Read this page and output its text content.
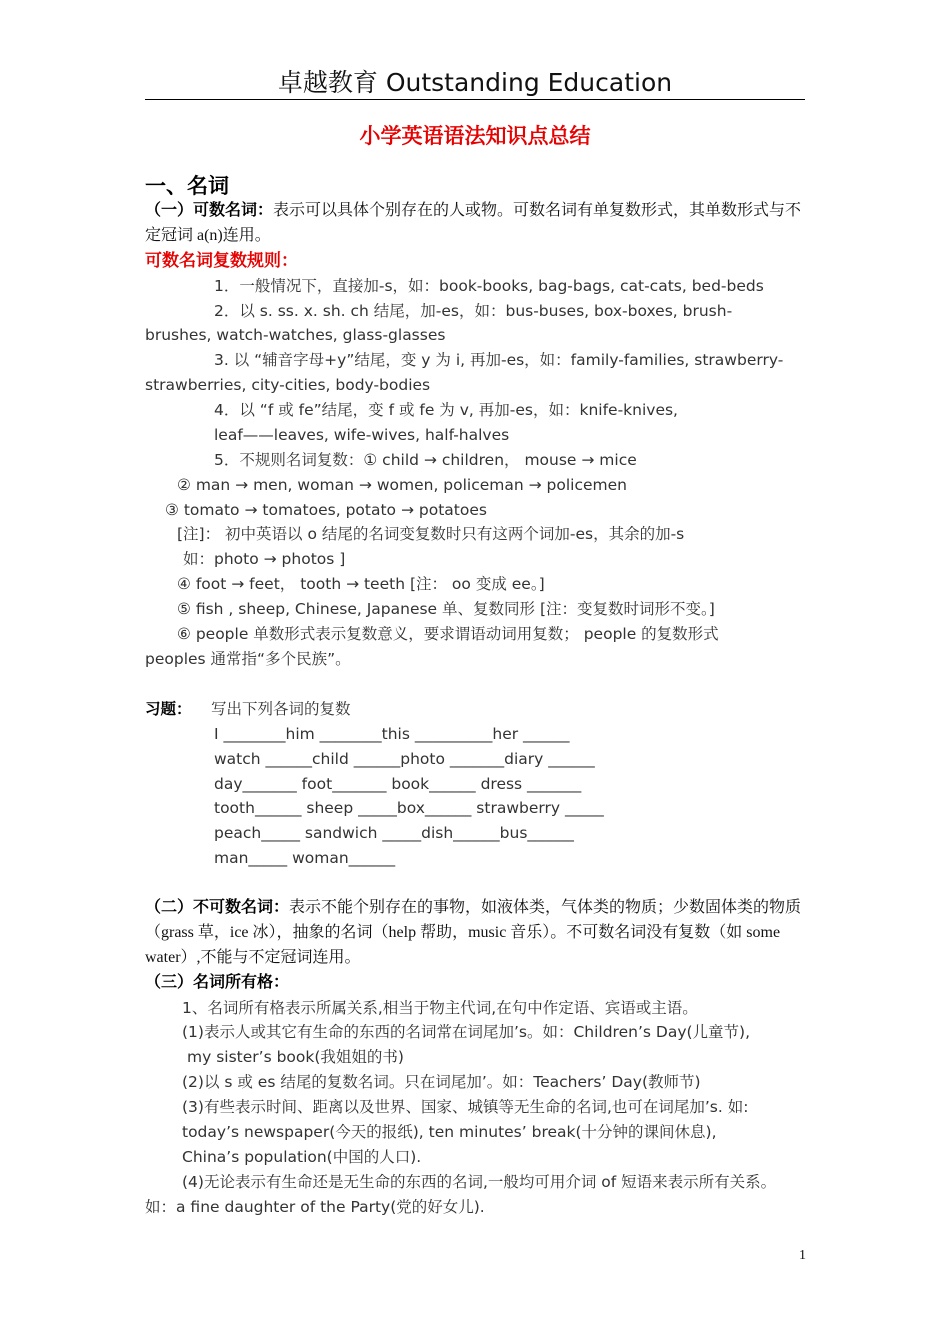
卓越教育 Outstanding Education
小学英语语法知识点总结
一、名词
（一）可数名词：表示可以具体个别存在的人或物。可数名词有单复数形式，其单数形式与不
定冠词 a(n)连用。
可数名词复数规则：
1．一般情况下，直接加-s，如：book-books, bag-bags, cat-cats, bed-beds
2．以 s. ss. x. sh. ch 结尾，加-es，如：bus-buses, box-boxes, brush-
brushes, watch-watches, glass-glasses
3. 以 “辅音字母+y”结尾，变 y 为 i, 再加-es，如：family-families, strawberry-
strawberries, city-cities, body-bodies
4．以 “f 或 fe”结尾，变 f 或 fe 为 v, 再加-es，如：knife-knives,
leaf——leaves, wife-wives, half-halves
5．不规则名词复数：① child → children， mouse → mice
② man → men, woman → women, policeman → policemen
③ tomato → tomatoes, potato → potatoes
[注]： 初中英语以 o 结尾的名词变复数时只有这两个词加-es，其余的加-s
如：photo → photos ]
④ foot → feet， tooth → teeth [注： oo 变成 ee。]
⑤ fish , sheep, Chinese, Japanese 单、复数同形 [注：变复数时词形不变。]
⑥ people 单数形式表示复数意义，要求谓语动词用复数； people 的复数形式
peoples 通常指“多个民族”。
习题： 写出下列各词的复数
I ________him ________this __________her ______
watch ______child ______photo _______diary ______
day_______ foot_______ book______ dress _______
tooth______ sheep _____box______ strawberry _____
peach_____ sandwich _____dish______bus______
man_____ woman______
（二）不可数名词：表示不能个别存在的事物，如液体类，气体类的物质；少数固体类的物质
（grass 草，ice 冰），抽象的名词（help 帮助，music 音乐）。不可数名词没有复数（如 some
water）,不能与不定冠词连用。
（三）名词所有格：
1、名词所有格表示所属关系,相当于物主代词,在句中作定语、宾语或主语。
(1)表示人或其它有生命的东西的名词常在词尾加’s。如：Children’s Day(儿童节),
my sister’s book(我姐姐的书)
(2)以 s 或 es 结尾的复数名词。只在词尾加’。如：Teachers’ Day(教师节)
(3)有些表示时间、距离以及世界、国家、城镇等无生命的名词,也可在词尾加’s. 如:
today’s newspaper(今天的报纸), ten minutes’ break(十分钟的课间休息),
China’s population(中国的人口).
(4)无论表示有生命还是无生命的东西的名词,一般均可用介词 of 短语来表示所有关系。
如：a fine daughter of the Party(党的好女儿).
1
